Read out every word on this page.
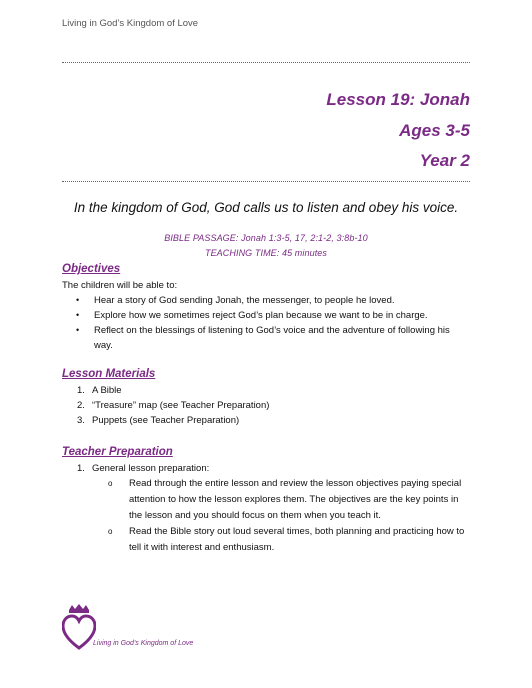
Living in God’s Kingdom of Love
Lesson 19: Jonah
Ages 3-5
Year 2
In the kingdom of God, God calls us to listen and obey his voice.
BIBLE PASSAGE: Jonah 1:3-5, 17, 2:1-2, 3:8b-10
TEACHING TIME: 45 minutes
Objectives
The children will be able to:
• Hear a story of God sending Jonah, the messenger, to people he loved.
• Explore how we sometimes reject God’s plan because we want to be in charge.
• Reflect on the blessings of listening to God’s voice and the adventure of following his
way.
Lesson Materials
1. A Bible
2. “Treasure” map (see Teacher Preparation)
3. Puppets (see Teacher Preparation)
Teacher Preparation
1. General lesson preparation:
o Read through the entire lesson and review the lesson objectives paying special
attention to how the lesson explores them. The objectives are the key points in
the lesson and you should focus on them when you teach it.
o Read the Bible story out loud several times, both planning and practicing how to
tell it with interest and enthusiasm.
Living in God’s Kingdom of Love
